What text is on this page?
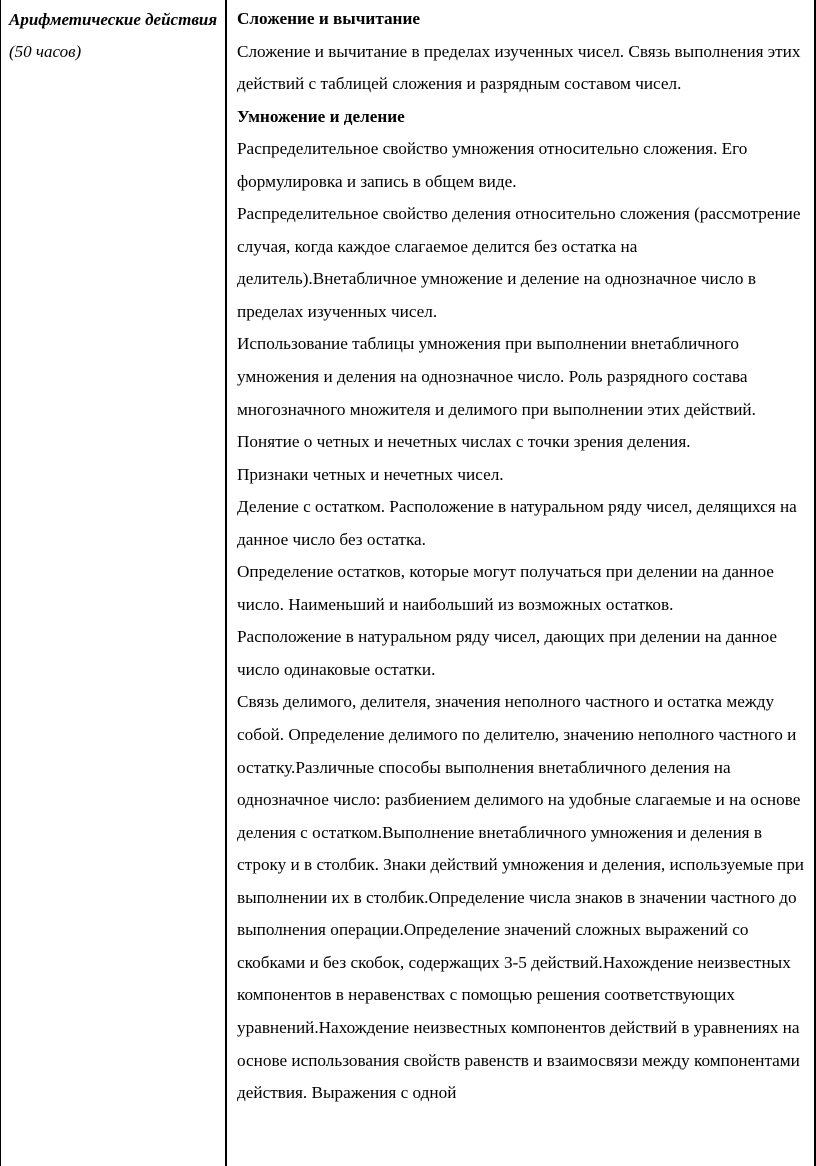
Арифметические действия (50 часов)
Сложение и вычитание

Сложение и вычитание в пределах изученных чисел. Связь выполнения этих действий с таблицей сложения и разрядным составом чисел.

Умножение и деление

Распределительное свойство умножения относительно сложения. Его формулировка и запись в общем виде.

Распределительное свойство деления относительно сложения (рассмотрение случая, когда каждое слагаемое делится без остатка на делитель).Внетабличное умножение и деление на однозначное число в пределах изученных чисел.

Использование таблицы умножения при выполнении внетабличного умножения и деления на однозначное число. Роль разрядного состава многозначного множителя и делимого при выполнении этих действий.

Понятие о четных и нечетных числах с точки зрения деления.

Признаки четных и нечетных чисел.

Деление с остатком. Расположение в натуральном ряду чисел, делящихся на данное число без остатка.

Определение остатков, которые могут получаться при делении на данное число. Наименьший и наибольший из возможных остатков.

Расположение в натуральном ряду чисел, дающих при делении на данное число одинаковые остатки.

Связь делимого, делителя, значения неполного частного и остатка между собой. Определение делимого по делителю, значению неполного частного и остатку.Различные способы выполнения внетабличного деления на однозначное число: разбиением делимого на удобные слагаемые и на основе деления с остатком.Выполнение внетабличного умножения и деления в строку и в столбик. Знаки действий умножения и деления, используемые при выполнении их в столбик.Определение числа знаков в значении частного до выполнения операции.Определение значений сложных выражений со скобками и без скобок, содержащих 3-5 действий.Нахождение неизвестных компонентов в неравенствах с помощью решения соответствующих уравнений.Нахождение неизвестных компонентов действий в уравнениях на основе использования свойств равенств и взаимосвязи между компонентами действия. Выражения с одной
